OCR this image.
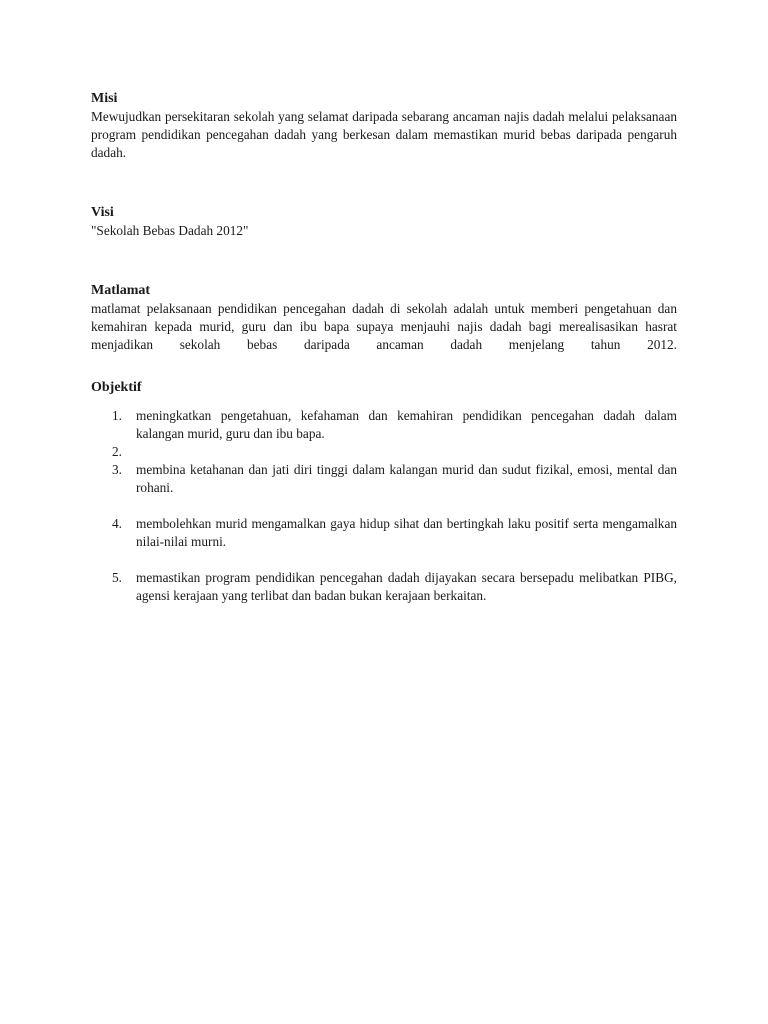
Misi

Mewujudkan persekitaran sekolah yang selamat daripada sebarang ancaman najis dadah melalui pelaksanaan program pendidikan pencegahan dadah yang berkesan dalam memastikan murid bebas daripada pengaruh dadah.

Visi

"Sekolah Bebas Dadah 2012"

Matlamat

matlamat pelaksanaan pendidikan pencegahan dadah di sekolah adalah untuk memberi pengetahuan dan kemahiran kepada murid, guru dan ibu bapa supaya menjauhi najis dadah bagi merealisasikan hasrat menjadikan sekolah bebas daripada ancaman dadah menjelang tahun 2012.

Objektif
1. meningkatkan pengetahuan, kefahaman dan kemahiran pendidikan pencegahan dadah dalam kalangan murid, guru dan ibu bapa.
2.

3. membina ketahanan dan jati diri tinggi dalam kalangan murid dan sudut fizikal, emosi, mental dan rohani.
4. membolehkan murid mengamalkan gaya hidup sihat dan bertingkah laku positif serta mengamalkan nilai-nilai murni.
5. memastikan program pendidikan pencegahan dadah dijayakan secara bersepadu melibatkan PIBG, agensi kerajaan yang terlibat dan badan bukan kerajaan berkaitan.
